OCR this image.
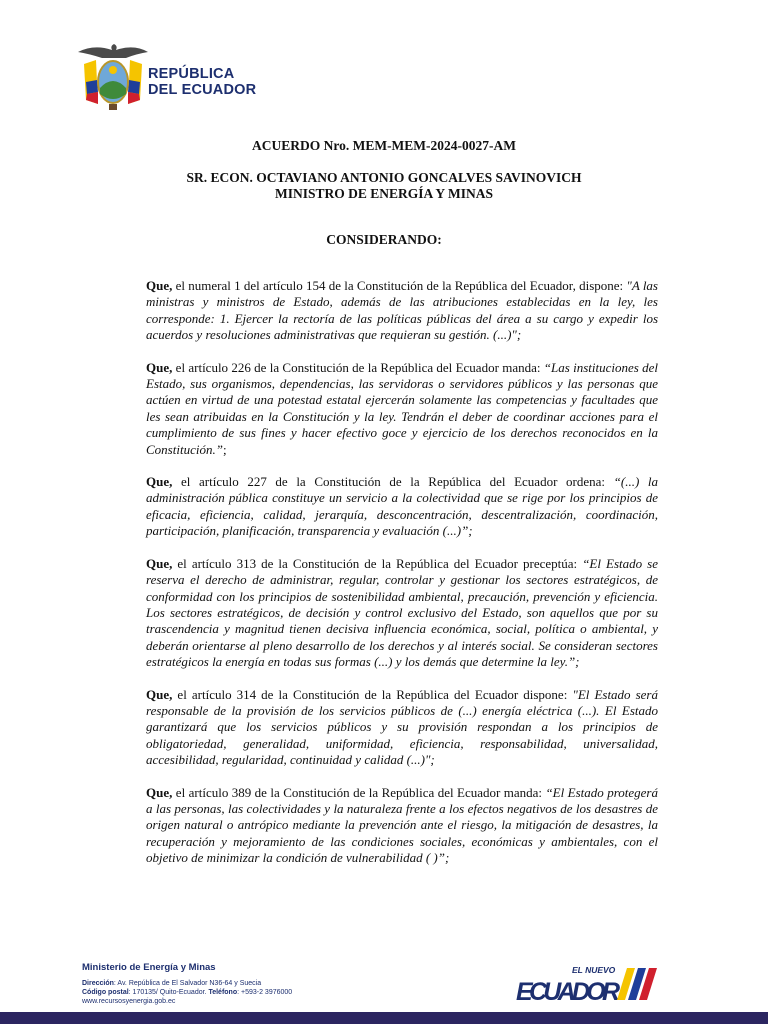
REPÚBLICA
DEL ECUADOR
ACUERDO Nro. MEM-MEM-2024-0027-AM
SR. ECON. OCTAVIANO ANTONIO GONCALVES SAVINOVICH
MINISTRO DE ENERGÍA Y MINAS
CONSIDERANDO:

Que, el numeral 1 del artículo 154 de la Constitución de la República del Ecuador, dispone: "A las ministras y ministros de Estado, además de las atribuciones establecidas en la ley, les corresponde: 1. Ejercer la rectoría de las políticas públicas del área a su cargo y expedir los acuerdos y resoluciones administrativas que requieran su gestión. (...)";

Que, el artículo 226 de la Constitución de la República del Ecuador manda: “Las instituciones del Estado, sus organismos, dependencias, las servidoras o servidores públicos y las personas que actúen en virtud de una potestad estatal ejercerán solamente las competencias y facultades que les sean atribuidas en la Constitución y la ley. Tendrán el deber de coordinar acciones para el cumplimiento de sus fines y hacer efectivo goce y ejercicio de los derechos reconocidos en la Constitución.”;

Que, el artículo 227 de la Constitución de la República del Ecuador ordena: “(...) la administración pública constituye un servicio a la colectividad que se rige por los principios de eficacia, eficiencia, calidad, jerarquía, desconcentración, descentralización, coordinación, participación, planificación, transparencia y evaluación (...)”;

Que, el artículo 313 de la Constitución de la República del Ecuador preceptúa: “El Estado se reserva el derecho de administrar, regular, controlar y gestionar los sectores estratégicos, de conformidad con los principios de sostenibilidad ambiental, precaución, prevención y eficiencia. Los sectores estratégicos, de decisión y control exclusivo del Estado, son aquellos que por su trascendencia y magnitud tienen decisiva influencia económica, social, política o ambiental, y deberán orientarse al pleno desarrollo de los derechos y al interés social. Se consideran sectores estratégicos la energía en todas sus formas (...) y los demás que determine la ley.”;

Que, el artículo 314 de la Constitución de la República del Ecuador dispone: "El Estado será responsable de la provisión de los servicios públicos de (...) energía eléctrica (...). El Estado garantizará que los servicios públicos y su provisión respondan a los principios de obligatoriedad, generalidad, uniformidad, eficiencia, responsabilidad, universalidad, accesibilidad, regularidad, continuidad y calidad (...)";

Que, el artículo 389 de la Constitución de la República del Ecuador manda: “El Estado protegerá a las personas, las colectividades y la naturaleza frente a los efectos negativos de los desastres de origen natural o antrópico mediante la prevención ante el riesgo, la mitigación de desastres, la recuperación y mejoramiento de las condiciones sociales, económicas y ambientales, con el objetivo de minimizar la condición de vulnerabilidad ( )”;

Ministerio de Energía y Minas
Dirección: Av. República de El Salvador N36-64 y Suecia
Código postal: 170135/ Quito-Ecuador. Teléfono: +593-2 3976000
www.recursosyenergia.gob.ec
EL NUEVO
ECUADOR
